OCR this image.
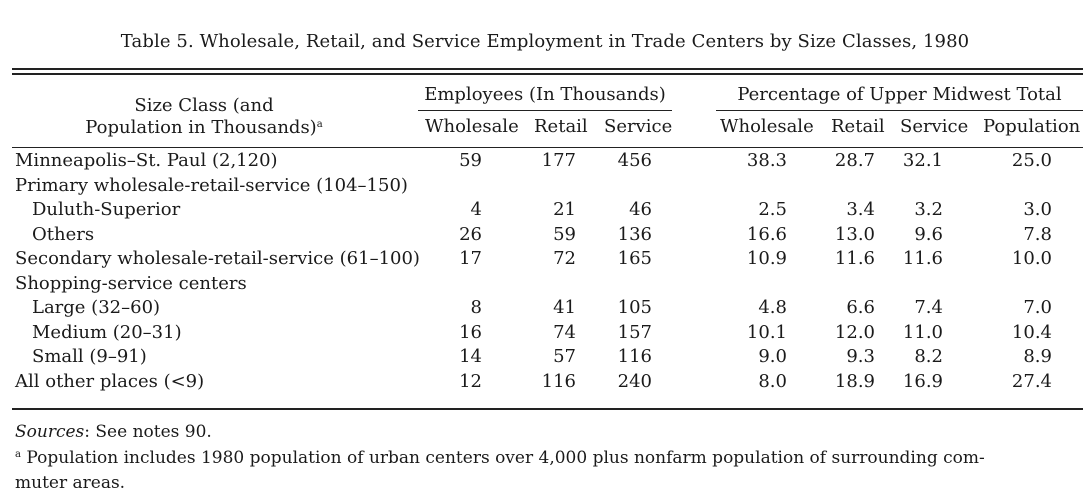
Table 5. Wholesale, Retail, and Service Employment in Trade Centers by Size Classes, 1980
Size Class (and
Population in Thousands)$^a$
Employees (In Thousands)	Percentage of Upper Midwest Total
Wholesale Retail Service	Wholesale Retail Service Population
Minneapolis–St. Paul (2,120)	59	177	456	38.3	28.7	32.1	25.0
Primary wholesale-retail-service (104–150)
Duluth-Superior	4	21	46	2.5	3.4	3.2	3.0
Others	26	59	136	16.6	13.0	9.6	7.8
Secondary wholesale-retail-service (61–100)	17	72	165	10.9	11.6	11.6	10.0
Shopping-service centers
Large (32–60)	8	41	105	4.8	6.6	7.4	7.0
Medium (20–31)	16	74	157	10.1	12.0	11.0	10.4
Small (9–91)	14	57	116	9.0	9.3	8.2	8.9
All other places (<9)	12	116	240	8.0	18.9	16.9	27.4
Sources: See notes 90.
$^a$ Population includes 1980 population of urban centers over 4,000 plus nonfarm population of surrounding com-
muter areas.
